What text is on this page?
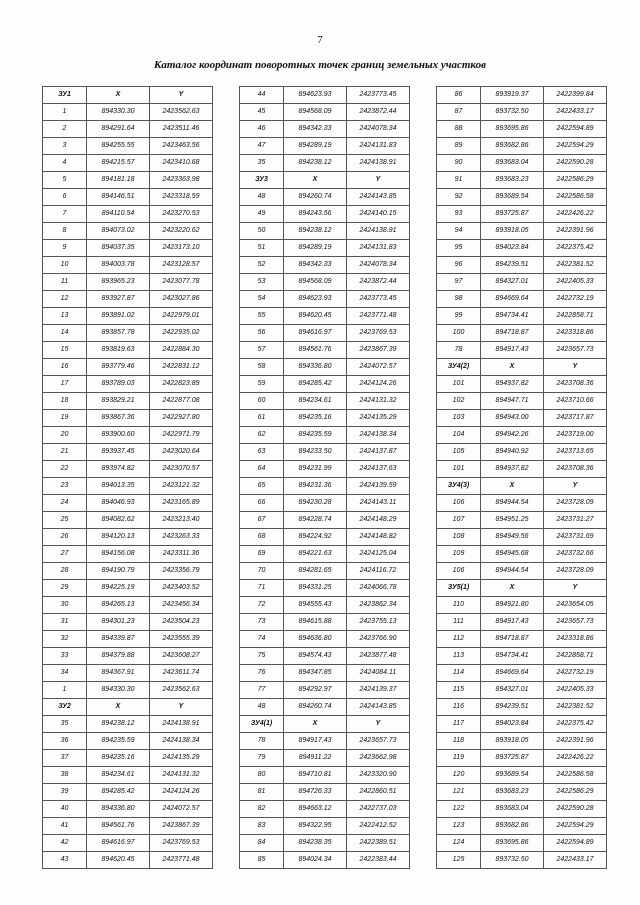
7
Каталог координат поворотных точек границ земельных участков
ЗУ1	X	Y
1	894330.30	2423562.63
2	894291.64	2423511.46
3	894255.55	2423463.56
4	894215.57	2423410.68
5	894181.18	2423363.98
6	894146.51	2423318.59
7	894110.54	2423270.53
8	894073.02	2423220.62
9	894037.35	2423173.10
10	894003.78	2423128.57
11	893965.23	2423077.78
12	893927.87	2423027.86
13	893891.02	2422979.01
14	893857.78	2422935.02
15	893819.63	2422884.30
16	893779.46	2422831.12
17	893789.03	2422823.89
18	893829.21	2422877.08
19	893867.36	2422927.80
20	893900.60	2422971.79
21	893937.45	2423020.64
22	893974.82	2423070.57
23	894013.35	2423121.32
24	894046.93	2423165.89
25	894082.62	2423213.40
26	894120.13	2423263.33
27	894156.08	2423311.36
28	894190.79	2423356.79
29	894225.19	2423403.52
30	894265.13	2423456.34
31	894301.23	2423504.23
32	894339.87	2423555.39
33	894379.88	2423608.27
34	894367.91	2423611.74
1	894330.30	2423562.63
ЗУ2	X	Y
35	894238.12	2424138.91
36	894235.59	2424138.34
37	894235.16	2424135.29
38	894234.61	2424131.32
39	894285.42	2424124.26
40	894336.80	2424072.57
41	894561.76	2423867.39
42	894616.97	2423769.53
43	894620.45	2423771.48
44	894623.93	2423773.45
45	894568.09	2423872.44
46	894342.33	2424078.34
47	894289.19	2424131.83
35	894238.12	2424138.91
ЗУ3	X	Y
48	894260.74	2424143.85
49	894243.56	2424140.15
50	894238.12	2424138.91
51	894289.19	2424131.83
52	894342.33	2424078.34
53	894568.09	2423872.44
54	894623.93	2423773.45
55	894620.45	2423771.48
56	894616.97	2423769.53
57	894561.76	2423867.39
58	894336.80	2424072.57
59	894285.42	2424124.26
60	894234.61	2424131.32
61	894235.16	2424135.29
62	894235.59	2424138.34
63	894233.50	2424137.87
64	894231.99	2424137.63
65	894231.36	2424139.59
66	894230.28	2424143.11
67	894228.74	2424148.29
68	894224.92	2424148.82
69	894221.63	2424125.04
70	894281.65	2424116.72
71	894331.25	2424066.78
72	894555.43	2423862.34
73	894615.88	2423755.13
74	894636.80	2423766.90
75	894574.43	2423877.48
76	894347.85	2424084.11
77	894292.97	2424139.37
48	894260.74	2424143.85
ЗУ4(1)	X	Y
78	894917.43	2423657.73
79	894911.22	2423662.98
80	894710.81	2423320.90
81	894726.33	2422860.51
82	894663.12	2422737.03
83	894322.95	2422412.52
84	894238.35	2422389.51
85	894024.34	2422383.44
86	893919.37	2422399.84
87	893732.50	2422433.17
88	893695.86	2422594.89
89	893682.86	2422594.29
90	893683.04	2422590.28
91	893683.23	2422586.29
92	893689.54	2422586.58
93	893725.87	2422426.22
94	893918.05	2422391.96
95	894023.84	2422375.42
96	894239.51	2422381.52
97	894327.01	2422405.33
98	894669.64	2422732.19
99	894734.41	2422858.71
100	894718.87	2423318.86
78	894917.43	2423657.73
ЗУ4(2)	X	Y
101	894937.82	2423708.36
102	894947.71	2423710.66
103	894943.00	2423717.87
104	894942.26	2423719.00
105	894940.92	2423713.65
101	894937.82	2423708.36
ЗУ4(3)	X	Y
106	894944.54	2423728.09
107	894951.25	2423731.27
108	894949.56	2423731.69
109	894945.68	2423732.66
106	894944.54	2423728.09
ЗУ5(1)	X	Y
110	894921.80	2423654.05
111	894917.43	2423657.73
112	894718.87	2423318.86
113	894734.41	2422858.71
114	894669.64	2422732.19
115	894327.01	2422405.33
116	894239.51	2422381.52
117	894023.84	2422375.42
118	893918.05	2422391.96
119	893725.87	2422426.22
120	893689.54	2422586.58
121	893683.23	2422586.29
122	893683.04	2422590.28
123	893682.86	2422594.29
124	893695.86	2422594.89
125	893732.50	2422433.17
